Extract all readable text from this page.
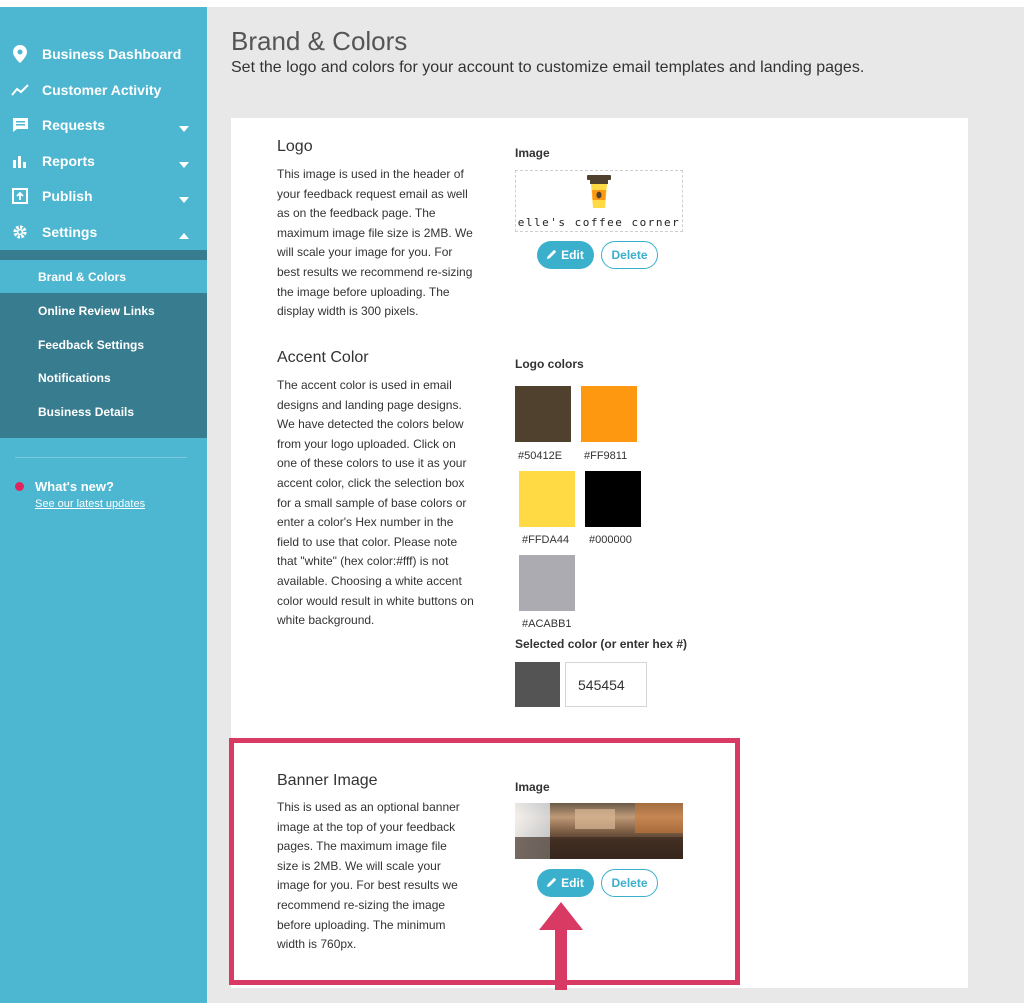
Business Dashboard
Customer Activity
Requests
Reports
Publish
Settings
Brand & Colors
Online Review Links
Feedback Settings
Notifications
Business Details
What's new?
See our latest updates
Brand & Colors
Set the logo and colors for your account to customize email templates and landing pages.
Logo
This image is used in the header of your feedback request email as well as on the feedback page. The maximum image file size is 2MB. We will scale your image for you. For best results we recommend re-sizing the image before uploading. The display width is 300 pixels.
Image
elle's coffee corner
Edit	Delete
Accent Color
The accent color is used in email designs and landing page designs. We have detected the colors below from your logo uploaded. Click on one of these colors to use it as your accent color, click the selection box for a small sample of base colors or enter a color's Hex number in the field to use that color. Please note that "white" (hex color:#fff) is not available. Choosing a white accent color would result in white buttons on white background.
Logo colors
#50412E #FF9811
#FFDA44 #000000
#ACABB1
Selected color (or enter hex #)
545454
Banner Image
This is used as an optional banner image at the top of your feedback pages. The maximum image file size is 2MB. We will scale your image for you. For best results we recommend re-sizing the image before uploading. The minimum width is 760px.
Image
Edit	Delete
